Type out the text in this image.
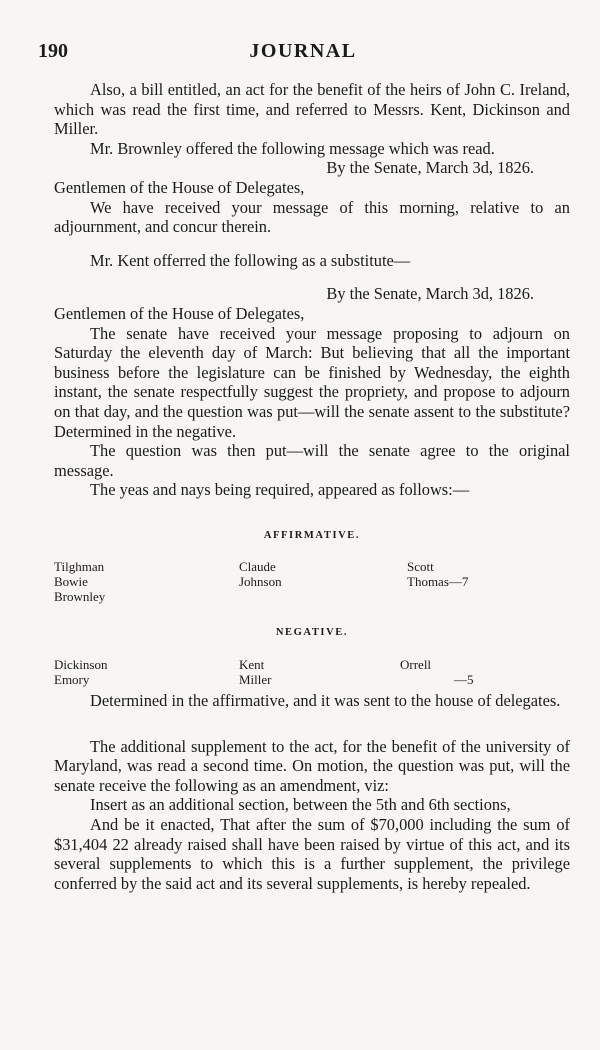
190	JOURNAL

Also, a bill entitled, an act for the benefit of the heirs of John C. Ireland, which was read the first time, and referred to Messrs. Kent, Dickinson and Miller.

Mr. Brownley offered the following message which was read.

By the Senate, March 3d, 1826.

Gentlemen of the House of Delegates,

We have received your message of this morning, relative to an adjournment, and concur therein.

Mr. Kent offerred the following as a substitute—

By the Senate, March 3d, 1826.

Gentlemen of the House of Delegates,

The senate have received your message proposing to adjourn on Saturday the eleventh day of March: But believing that all the important business before the legislature can be finished by Wednesday, the eighth instant, the senate respectfully suggest the propriety, and propose to adjourn on that day, and the question was put—will the senate assent to the substitute? Determined in the negative.

The question was then put—will the senate agree to the original message.

The yeas and nays being required, appeared as follows:—

AFFIRMATIVE.
Tilghman
Bowie
Brownley
Claude
Johnson
Scott
Thomas—7
NEGATIVE.
Dickinson
Emory
Kent
Miller
Orrell
—5

Determined in the affirmative, and it was sent to the house of delegates.

The additional supplement to the act, for the benefit of the university of Maryland, was read a second time. On motion, the question was put, will the senate receive the following as an amendment, viz:

Insert as an additional section, between the 5th and 6th sections,

And be it enacted, That after the sum of $70,000 including the sum of $31,404 22 already raised shall have been raised by virtue of this act, and its several supplements to which this is a further supplement, the privilege conferred by the said act and its several supplements, is hereby repealed.
